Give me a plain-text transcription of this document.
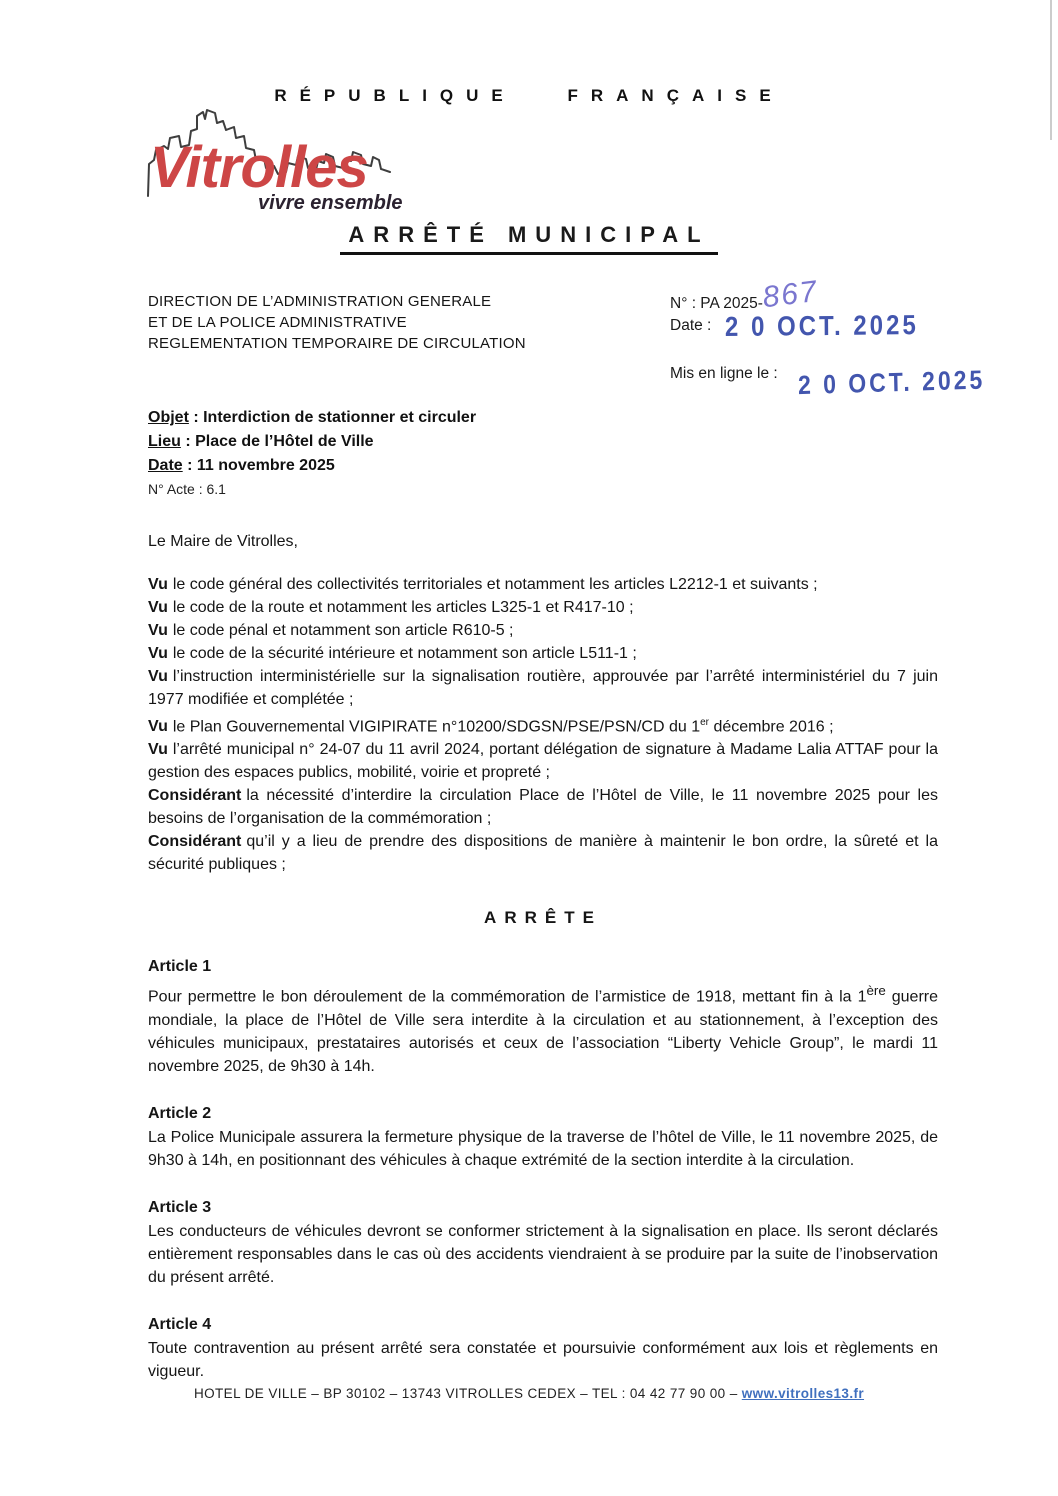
RÉPUBLIQUE FRANÇAISE
Vitrolles
vivre ensemble
ARRÊTÉ MUNICIPAL
DIRECTION DE L’ADMINISTRATION GENERALE
ET DE LA POLICE ADMINISTRATIVE
REGLEMENTATION TEMPORAIRE DE CIRCULATION
N° : PA 2025-867
Date : 2 0 OCT. 2025
Mis en ligne le : 2 0 OCT. 2025
Objet : Interdiction de stationner et circuler
Lieu : Place de l’Hôtel de Ville
Date : 11 novembre 2025
N° Acte : 6.1

Le Maire de Vitrolles,

Vu le code général des collectivités territoriales et notamment les articles L2212-1 et suivants ;

Vu le code de la route et notamment les articles L325-1 et R417-10 ;

Vu le code pénal et notamment son article R610-5 ;

Vu le code de la sécurité intérieure et notamment son article L511-1 ;

Vu l’instruction interministérielle sur la signalisation routière, approuvée par l’arrêté interministériel du 7 juin 1977 modifiée et complétée ;

Vu le Plan Gouvernemental VIGIPIRATE n°10200/SDGSN/PSE/PSN/CD du 1er décembre 2016 ;

Vu l’arrêté municipal n° 24-07 du 11 avril 2024, portant délégation de signature à Madame Lalia ATTAF pour la gestion des espaces publics, mobilité, voirie et propreté ;

Considérant la nécessité d’interdire la circulation Place de l’Hôtel de Ville, le 11 novembre 2025 pour les besoins de l’organisation de la commémoration ;

Considérant qu’il y a lieu de prendre des dispositions de manière à maintenir le bon ordre, la sûreté et la sécurité publiques ;

ARRÊTE
Article 1
Pour permettre le bon déroulement de la commémoration de l’armistice de 1918, mettant fin à la 1ère guerre mondiale, la place de l’Hôtel de Ville sera interdite à la circulation et au stationnement, à l’exception des véhicules municipaux, prestataires autorisés et ceux de l’association “Liberty Vehicle Group”, le mardi 11 novembre 2025, de 9h30 à 14h.
Article 2
La Police Municipale assurera la fermeture physique de la traverse de l’hôtel de Ville, le 11 novembre 2025, de 9h30 à 14h, en positionnant des véhicules à chaque extrémité de la section interdite à la circulation.
Article 3
Les conducteurs de véhicules devront se conformer strictement à la signalisation en place. Ils seront déclarés entièrement responsables dans le cas où des accidents viendraient à se produire par la suite de l’inobservation du présent arrêté.
Article 4
Toute contravention au présent arrêté sera constatée et poursuivie conformément aux lois et règlements en vigueur.
HOTEL DE VILLE – BP 30102 – 13743 VITROLLES CEDEX – TEL : 04 42 77 90 00 – www.vitrolles13.fr
